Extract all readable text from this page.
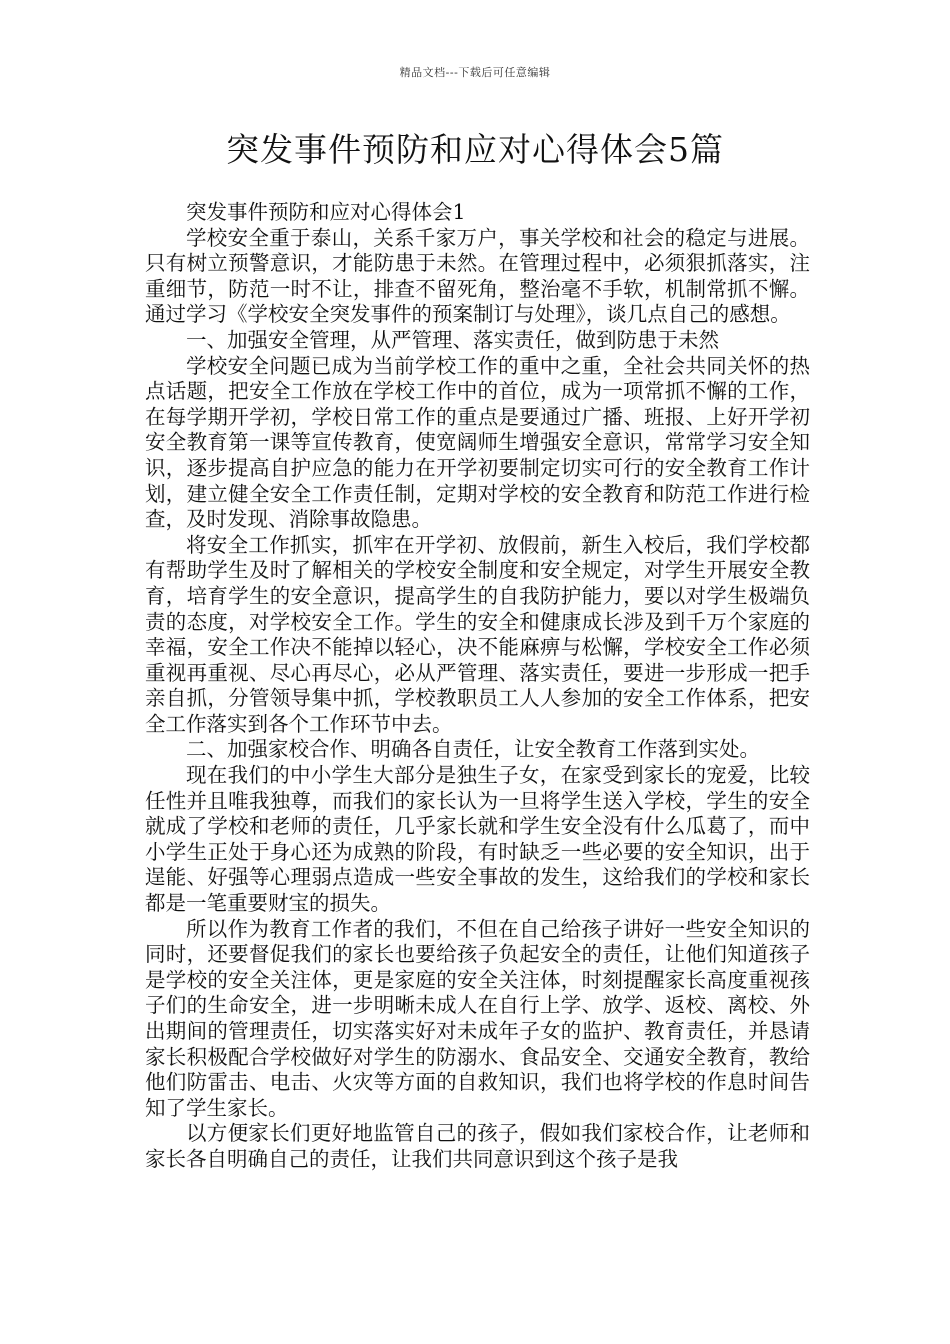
精品文档---下载后可任意编辑
突发事件预防和应对心得体会5篇

突发事件预防和应对心得体会1

学校安全重于泰山，关系千家万户，事关学校和社会的稳定与进展。只有树立预警意识，才能防患于未然。在管理过程中，必须狠抓落实，注重细节，防范一时不让，排查不留死角，整治毫不手软，机制常抓不懈。通过学习《学校安全突发事件的预案制订与处理》，谈几点自己的感想。

一、加强安全管理，从严管理、落实责任，做到防患于未然

学校安全问题已成为当前学校工作的重中之重，全社会共同关怀的热点话题，把安全工作放在学校工作中的首位，成为一项常抓不懈的工作，在每学期开学初，学校日常工作的重点是要通过广播、班报、上好开学初安全教育第一课等宣传教育，使宽阔师生增强安全意识，常常学习安全知识，逐步提高自护应急的能力在开学初要制定切实可行的安全教育工作计划，建立健全安全工作责任制，定期对学校的安全教育和防范工作进行检查，及时发现、消除事故隐患。

将安全工作抓实，抓牢在开学初、放假前，新生入校后，我们学校都有帮助学生及时了解相关的学校安全制度和安全规定，对学生开展安全教育，培育学生的安全意识，提高学生的自我防护能力，要以对学生极端负责的态度，对学校安全工作。学生的安全和健康成长涉及到千万个家庭的幸福，安全工作决不能掉以轻心，决不能麻痹与松懈，学校安全工作必须重视再重视、尽心再尽心，必从严管理、落实责任，要进一步形成一把手亲自抓，分管领导集中抓，学校教职员工人人参加的安全工作体系，把安全工作落实到各个工作环节中去。

二、加强家校合作、明确各自责任，让安全教育工作落到实处。

现在我们的中小学生大部分是独生子女，在家受到家长的宠爱，比较任性并且唯我独尊，而我们的家长认为一旦将学生送入学校，学生的安全就成了学校和老师的责任，几乎家长就和学生安全没有什么瓜葛了，而中小学生正处于身心还为成熟的阶段，有时缺乏一些必要的安全知识，出于逞能、好强等心理弱点造成一些安全事故的发生，这给我们的学校和家长都是一笔重要财宝的损失。

所以作为教育工作者的我们，不但在自己给孩子讲好一些安全知识的同时，还要督促我们的家长也要给孩子负起安全的责任，让他们知道孩子是学校的安全关注体，更是家庭的安全关注体，时刻提醒家长高度重视孩子们的生命安全，进一步明晰未成人在自行上学、放学、返校、离校、外出期间的管理责任，切实落实好对未成年子女的监护、教育责任，并恳请家长积极配合学校做好对学生的防溺水、食品安全、交通安全教育，教给他们防雷击、电击、火灾等方面的自救知识，我们也将学校的作息时间告知了学生家长。

以方便家长们更好地监管自己的孩子，假如我们家校合作，让老师和家长各自明确自己的责任，让我们共同意识到这个孩子是我
